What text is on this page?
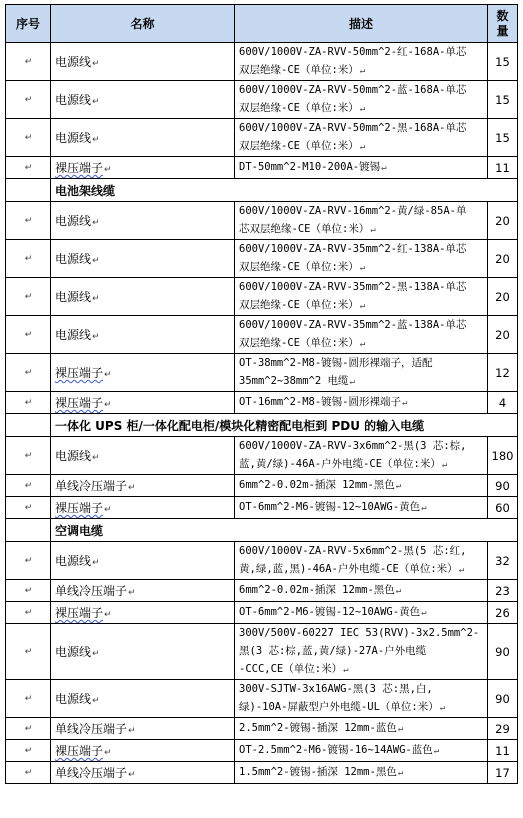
序号	名称	描述	数
量
↵	电源线↵	600V/1000V-ZA-RVV-50mm^2-红-168A-单芯
双层绝缘-CE（单位:米）↵	15
↵	电源线↵	600V/1000V-ZA-RVV-50mm^2-蓝-168A-单芯
双层绝缘-CE（单位:米）↵	15
↵	电源线↵	600V/1000V-ZA-RVV-50mm^2-黑-168A-单芯
双层绝缘-CE（单位:米）↵	15
↵	裸压端子↵	DT-50mm^2-M10-200A-镀锡↵	11
	电池架线缆		
↵	电源线↵	600V/1000V-ZA-RVV-16mm^2-黄/绿-85A-单
芯双层绝缘-CE（单位:米）↵	20
↵	电源线↵	600V/1000V-ZA-RVV-35mm^2-红-138A-单芯
双层绝缘-CE（单位:米）↵	20
↵	电源线↵	600V/1000V-ZA-RVV-35mm^2-黑-138A-单芯
双层绝缘-CE（单位:米）↵	20
↵	电源线↵	600V/1000V-ZA-RVV-35mm^2-蓝-138A-单芯
双层绝缘-CE（单位:米）↵	20
↵	裸压端子↵	OT-38mm^2-M8-镀锡-圆形裸端子，适配
35mm^2~38mm^2 电缆↵	12
↵	裸压端子↵	OT-16mm^2-M8-镀锡-圆形裸端子↵	4
	一体化 UPS 柜/一体化配电柜/模块化精密配电柜到 PDU 的输入电缆		
↵	电源线↵	600V/1000V-ZA-RVV-3x6mm^2-黑(3 芯:棕,
蓝,黄/绿)-46A-户外电缆-CE（单位:米）↵	180
↵	单线冷压端子↵	6mm^2-0.02m-插深 12mm-黑色↵	90
↵	裸压端子↵	OT-6mm^2-M6-镀锡-12~10AWG-黄色↵	60
	空调电缆		
↵	电源线↵	600V/1000V-ZA-RVV-5x6mm^2-黑(5 芯:红,
黄,绿,蓝,黑)-46A-户外电缆-CE（单位:米）↵	32
↵	单线冷压端子↵	6mm^2-0.02m-插深 12mm-黑色↵	23
↵	裸压端子↵	OT-6mm^2-M6-镀锡-12~10AWG-黄色↵	26
↵	电源线↵	300V/500V-60227 IEC 53(RVV)-3x2.5mm^2-
黑(3 芯:棕,蓝,黄/绿)-27A-户外电缆
-CCC,CE（单位:米）↵	90
↵	电源线↵	300V-SJTW-3x16AWG-黑(3 芯:黑,白,
绿)-10A-屏蔽型户外电缆-UL（单位:米）↵	90
↵	单线冷压端子↵	2.5mm^2-镀锡-插深 12mm-蓝色↵	29
↵	裸压端子↵	OT-2.5mm^2-M6-镀锡-16~14AWG-蓝色↵	11
↵	单线冷压端子↵	1.5mm^2-镀锡-插深 12mm-黑色↵	17
